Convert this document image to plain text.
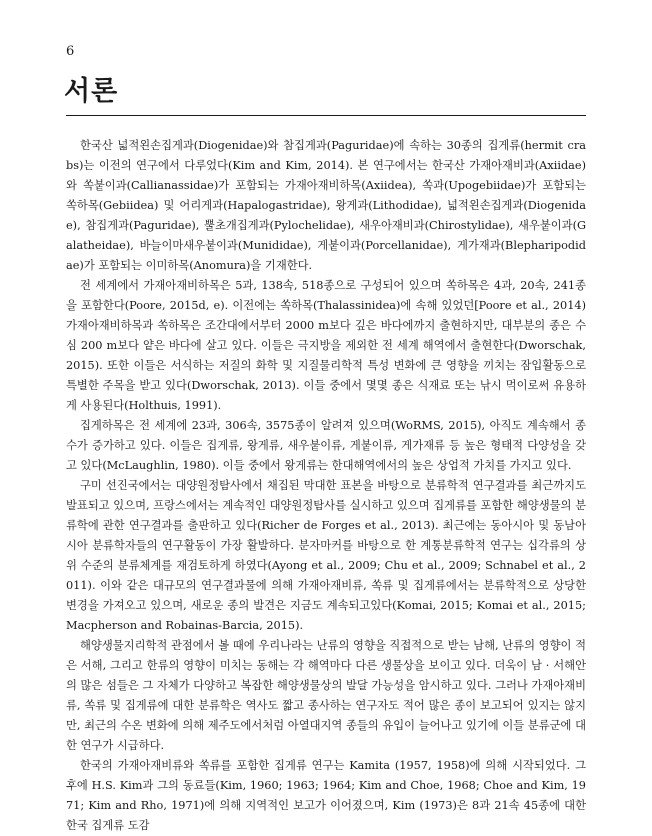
6
서론

한국산 넓적왼손집게과(Diogenidae)와 참집게과(Paguridae)에 속하는 30종의 집게류(hermit crabs)는 이전의 연구에서 다루었다(Kim and Kim, 2014). 본 연구에서는 한국산 가재아재비과(Axiidae)와 쏙붙이과(Callianassidae)가 포함되는 가재아재비하목(Axiidea), 쏙과(Upogebiidae)가 포함되는 쏙하목(Gebiidea) 및 어리게과(Hapalogastridae), 왕게과(Lithodidae), 넓적왼손집게과(Diogenidae), 참집게과(Paguridae), 뿔초개집게과(Pylochelidae), 새우아재비과(Chirostylidae), 새우붙이과(Galatheidae), 바늘이마새우붙이과(Munididae), 게붙이과(Porcellanidae), 게가재과(Blepharipodidae)가 포함되는 이미하목(Anomura)을 기재한다.

전 세계에서 가재아재비하목은 5과, 138속, 518종으로 구성되어 있으며 쏙하목은 4과, 20속, 241종을 포함한다(Poore, 2015d, e). 이전에는 쏙하목(Thalassinidea)에 속해 있었던[Poore et al., 2014) 가재아재비하목과 쏙하목은 조간대에서부터 2000 m보다 깊은 바다에까지 출현하지만, 대부분의 종은 수심 200 m보다 얕은 바다에 살고 있다. 이들은 극지방을 제외한 전 세계 해역에서 출현한다(Dworschak, 2015). 또한 이들은 서식하는 저질의 화학 및 지질물리학적 특성 변화에 큰 영향을 끼치는 잠입활동으로 특별한 주목을 받고 있다(Dworschak, 2013). 이들 중에서 몇몇 종은 식재료 또는 낚시 먹이로써 유용하게 사용된다(Holthuis, 1991).

집게하목은 전 세계에 23과, 306속, 3575종이 알려져 있으며(WoRMS, 2015), 아직도 계속해서 종 수가 증가하고 있다. 이들은 집게류, 왕게류, 새우붙이류, 게붙이류, 게가재류 등 높은 형태적 다양성을 갖고 있다(McLaughlin, 1980). 이들 중에서 왕게류는 한대해역에서의 높은 상업적 가치를 가지고 있다.

구미 선진국에서는 대양원정탐사에서 채집된 막대한 표본을 바탕으로 분류학적 연구결과를 최근까지도 발표되고 있으며, 프랑스에서는 계속적인 대양원정탐사를 실시하고 있으며 집게류를 포함한 해양생물의 분류학에 관한 연구결과를 출판하고 있다(Richer de Forges et al., 2013). 최근에는 동아시아 및 동남아시아 분류학자들의 연구활동이 가장 활발하다. 분자마커를 바탕으로 한 계통분류학적 연구는 십각류의 상위 수준의 분류체계를 재검토하게 하였다(Ayong et al., 2009; Chu et al., 2009; Schnabel et al., 2011). 이와 같은 대규모의 연구결과물에 의해 가재아재비류, 쏙류 및 집게류에서는 분류학적으로 상당한 변경을 가져오고 있으며, 새로운 종의 발견은 지금도 계속되고있다(Komai, 2015; Komai et al., 2015; Macpherson and Robainas-Barcia, 2015).

해양생물지리학적 관점에서 볼 때에 우리나라는 난류의 영향을 직접적으로 받는 남해, 난류의 영향이 적은 서해, 그리고 한류의 영향이 미치는 동해는 각 해역마다 다른 생물상을 보이고 있다. 더욱이 남 · 서해안의 많은 섬들은 그 자체가 다양하고 복잡한 해양생물상의 발달 가능성을 암시하고 있다. 그러나 가재아재비류, 쏙류 및 집게류에 대한 분류학은 역사도 짧고 종사하는 연구자도 적어 많은 종이 보고되어 있지는 않지만, 최근의 수온 변화에 의해 제주도에서처럼 아열대지역 종들의 유입이 늘어나고 있기에 이들 분류군에 대한 연구가 시급하다.

한국의 가재아재비류와 쏙류를 포함한 집게류 연구는 Kamita (1957, 1958)에 의해 시작되었다. 그 후에 H.S. Kim과 그의 동료들(Kim, 1960; 1963; 1964; Kim and Choe, 1968; Choe and Kim, 1971; Kim and Rho, 1971)에 의해 지역적인 보고가 이어졌으며, Kim (1973)은 8과 21속 45종에 대한 한국 집게류 도감
